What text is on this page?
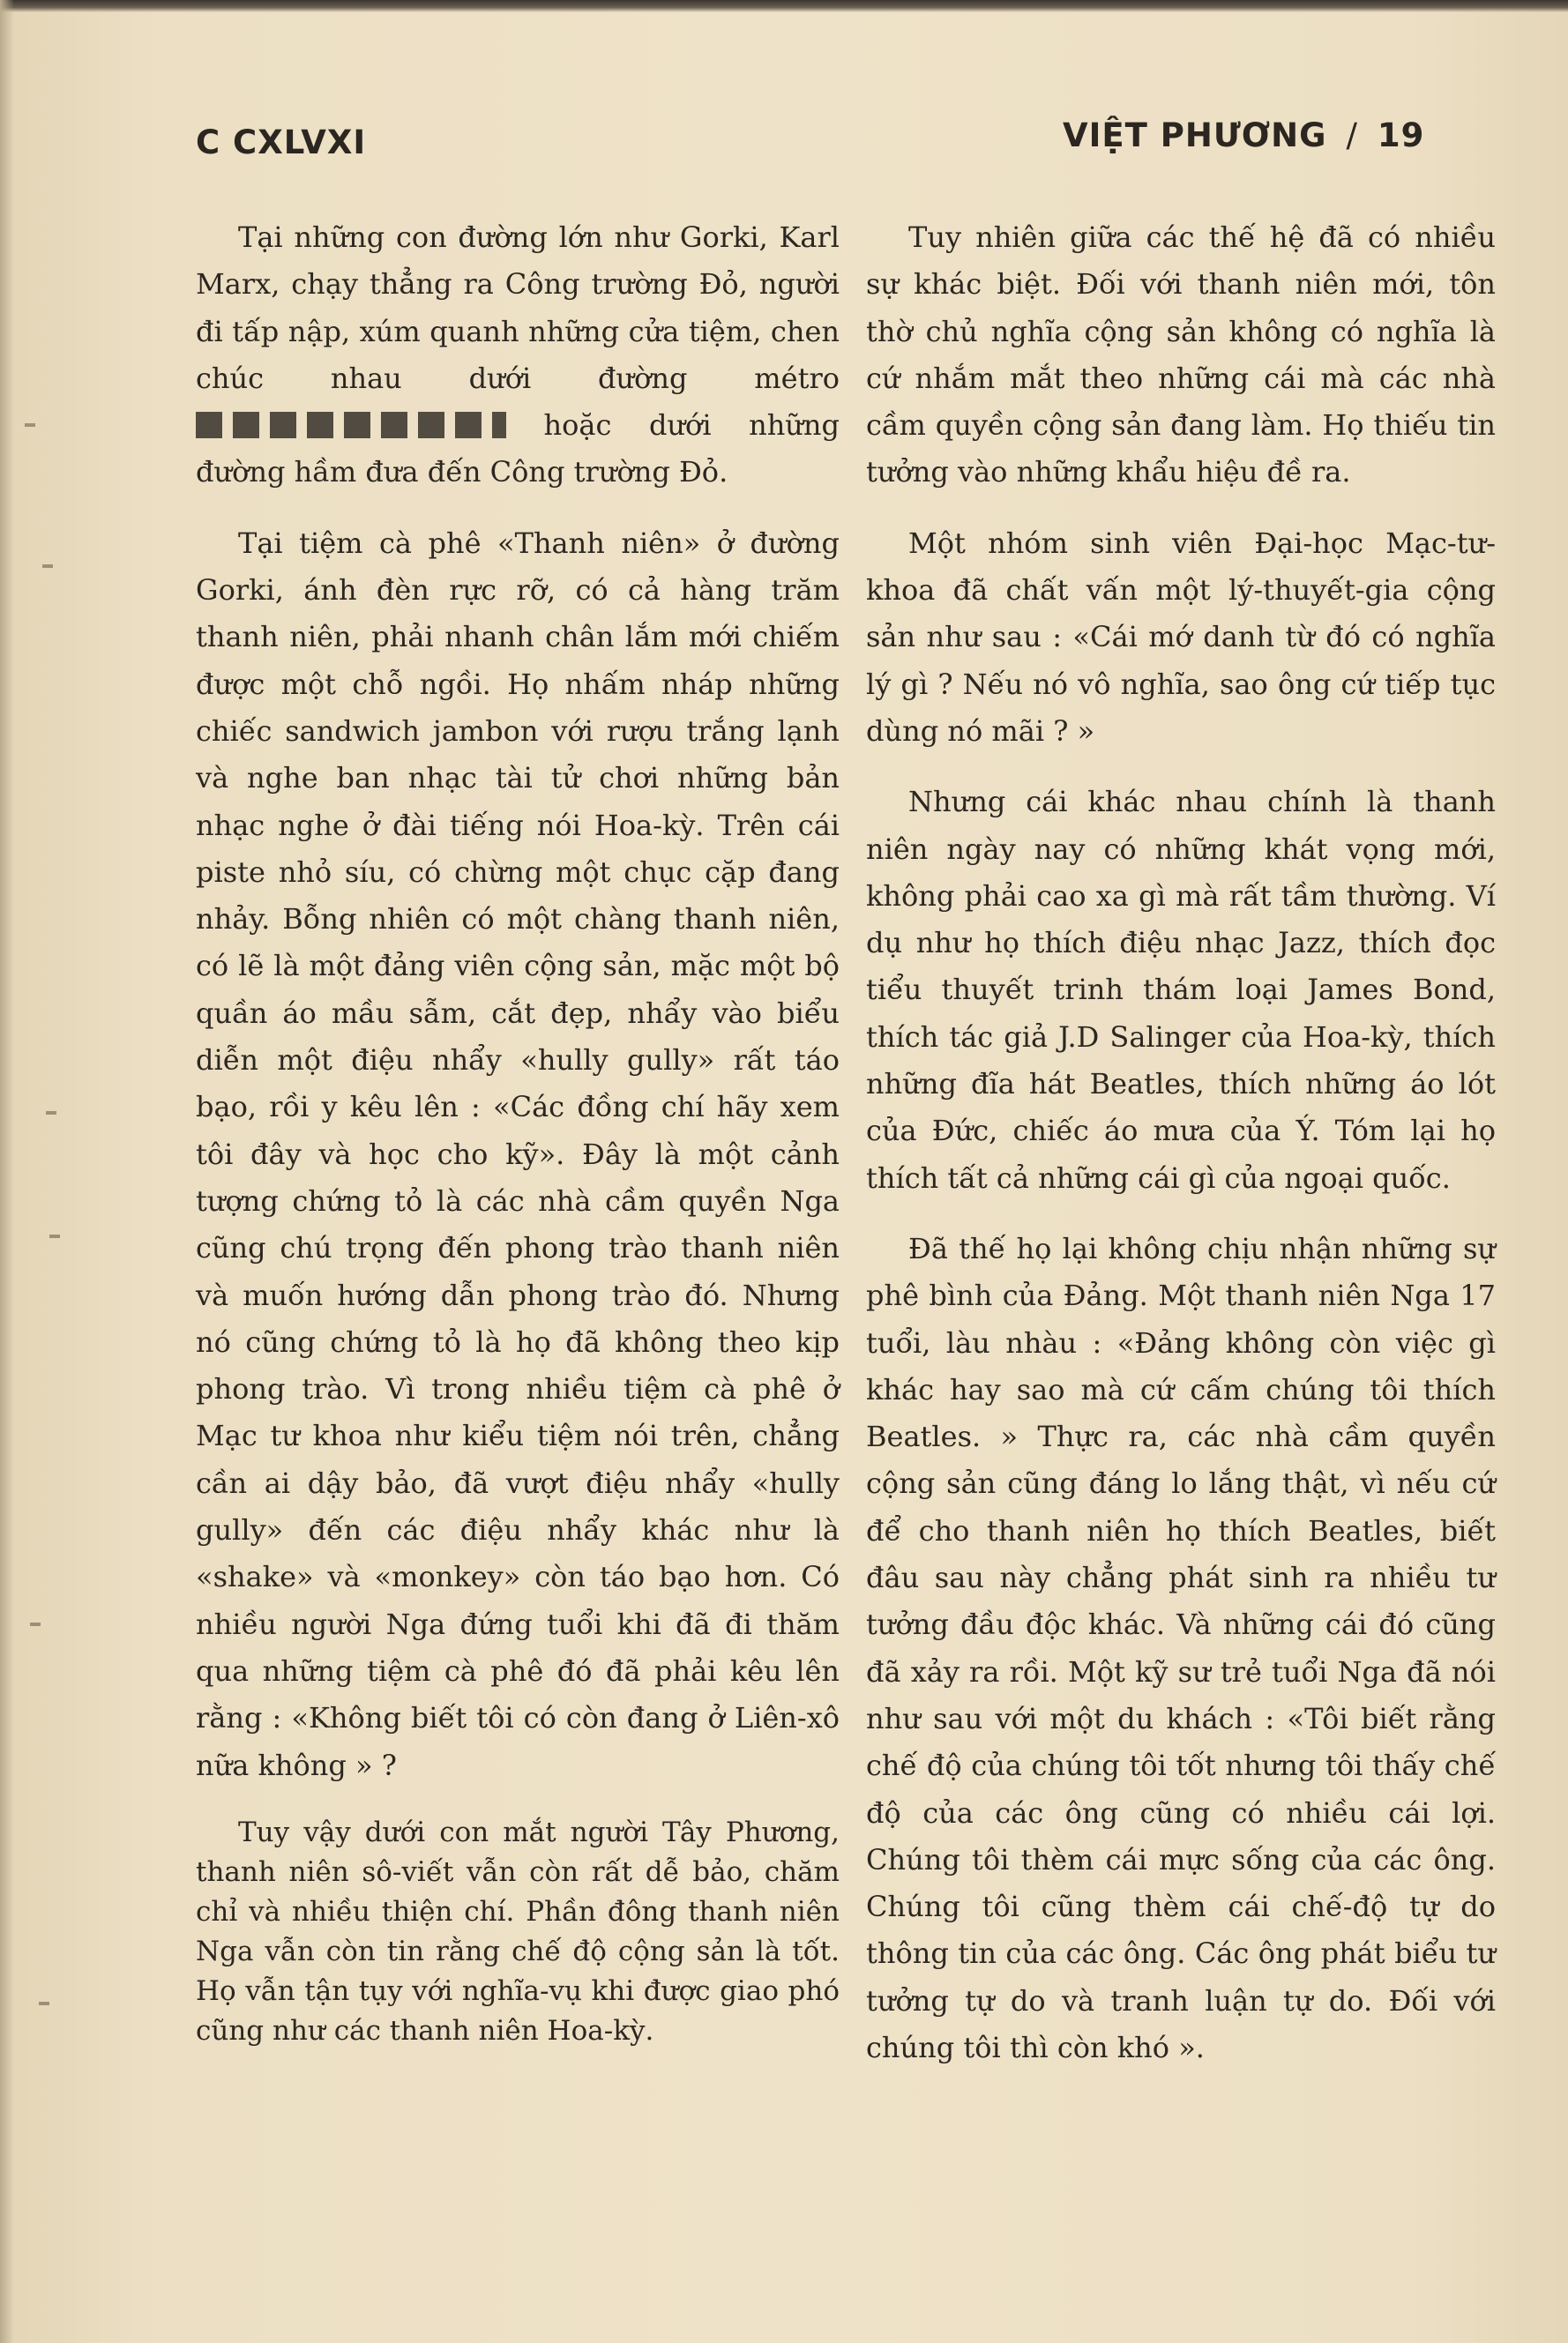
C CXLVXI	VIỆT PHƯƠNG / 19

Tại những con đường lớn như Gorki, Karl Marx, chạy thẳng ra Công trường Đỏ, người đi tấp nập, xúm quanh những cửa tiệm, chen chúc nhau dưới đường métro  hoặc dưới những đường hầm đưa đến Công trường Đỏ.

Tại tiệm cà phê «Thanh niên» ở đường Gorki, ánh đèn rực rỡ, có cả hàng trăm thanh niên, phải nhanh chân lắm mới chiếm được một chỗ ngồi. Họ nhấm nháp những chiếc sandwich jambon với rượu trắng lạnh và nghe ban nhạc tài tử chơi những bản nhạc nghe ở đài tiếng nói Hoa-kỳ. Trên cái piste nhỏ síu, có chừng một chục cặp đang nhảy. Bỗng nhiên có một chàng thanh niên, có lẽ là một đảng viên cộng sản, mặc một bộ quần áo mầu sẫm, cắt đẹp, nhẩy vào biểu diễn một điệu nhẩy «hully gully» rất táo bạo, rồi y kêu lên : «Các đồng chí hãy xem tôi đây và học cho kỹ». Đây là một cảnh tượng chứng tỏ là các nhà cầm quyền Nga cũng chú trọng đến phong trào thanh niên và muốn hướng dẫn phong trào đó. Nhưng nó cũng chứng tỏ là họ đã không theo kịp phong trào. Vì trong nhiều tiệm cà phê ở Mạc tư khoa như kiểu tiệm nói trên, chẳng cần ai dậy bảo, đã vượt điệu nhẩy «hully gully» đến các điệu nhẩy khác như là «shake» và «monkey» còn táo bạo hơn. Có nhiều người Nga đứng tuổi khi đã đi thăm qua những tiệm cà phê đó đã phải kêu lên rằng : «Không biết tôi có còn đang ở Liên-xô nữa không » ?

Tuy vậy dưới con mắt người Tây Phương, thanh niên sô-viết vẫn còn rất dễ bảo, chăm chỉ và nhiều thiện chí. Phần đông thanh niên Nga vẫn còn tin rằng chế độ cộng sản là tốt. Họ vẫn tận tụy với nghĩa-vụ khi được giao phó cũng như các thanh niên Hoa-kỳ.

Tuy nhiên giữa các thế hệ đã có nhiều sự khác biệt. Đối với thanh niên mới, tôn thờ chủ nghĩa cộng sản không có nghĩa là cứ nhắm mắt theo những cái mà các nhà cầm quyền cộng sản đang làm. Họ thiếu tin tưởng vào những khẩu hiệu đề ra.

Một nhóm sinh viên Đại-học Mạc-tư-khoa đã chất vấn một lý-thuyết-gia cộng sản như sau : «Cái mớ danh từ đó có nghĩa lý gì ? Nếu nó vô nghĩa, sao ông cứ tiếp tục dùng nó mãi ? »

Nhưng cái khác nhau chính là thanh niên ngày nay có những khát vọng mới, không phải cao xa gì mà rất tầm thường. Ví dụ như họ thích điệu nhạc Jazz, thích đọc tiểu thuyết trinh thám loại James Bond, thích tác giả J.D Salinger của Hoa-kỳ, thích những đĩa hát Beatles, thích những áo lót của Đức, chiếc áo mưa của Ý. Tóm lại họ thích tất cả những cái gì của ngoại quốc.

Đã thế họ lại không chịu nhận những sự phê bình của Đảng. Một thanh niên Nga 17 tuổi, làu nhàu : «Đảng không còn việc gì khác hay sao mà cứ cấm chúng tôi thích Beatles. » Thực ra, các nhà cầm quyền cộng sản cũng đáng lo lắng thật, vì nếu cứ để cho thanh niên họ thích Beatles, biết đâu sau này chẳng phát sinh ra nhiều tư tưởng đầu độc khác. Và những cái đó cũng đã xảy ra rồi. Một kỹ sư trẻ tuổi Nga đã nói như sau với một du khách : «Tôi biết rằng chế độ của chúng tôi tốt nhưng tôi thấy chế độ của các ông cũng có nhiều cái lợi. Chúng tôi thèm cái mực sống của các ông. Chúng tôi cũng thèm cái chế-độ tự do thông tin của các ông. Các ông phát biểu tư tưởng tự do và tranh luận tự do. Đối với chúng tôi thì còn khó ».
